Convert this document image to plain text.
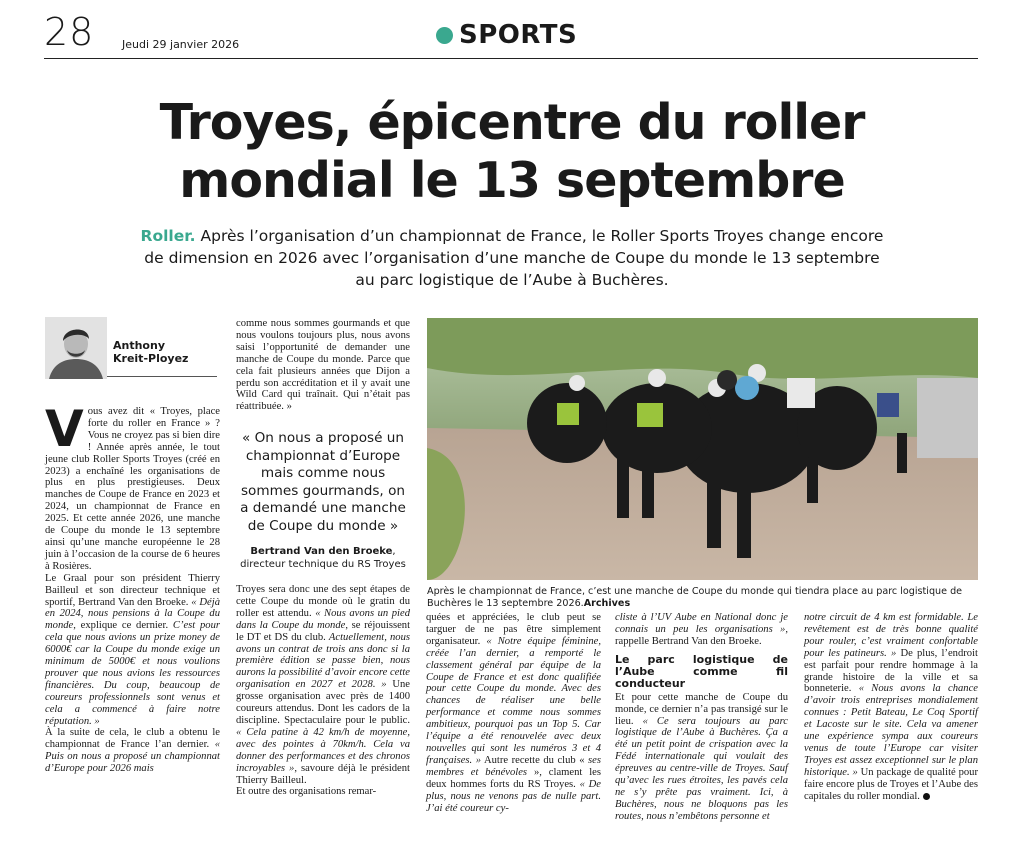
28	Jeudi 29 janvier 2026	SPORTS
Troyes, épicentre du roller
mondial le 13 septembre
Roller. Après l’organisation d’un championnat de France, le Roller Sports Troyes change encore de dimension en 2026 avec l’organisation d’une manche de Coupe du monde le 13 septembre au parc logistique de l’Aube à Buchères.
Anthony
Kreit-Ployez

Vous avez dit « Troyes, place forte du roller en France » ? Vous ne croyez pas si bien dire ! Année après année, le tout jeune club Roller Sports Troyes (créé en 2023) a enchaîné les organisations de plus en plus prestigieuses. Deux manches de Coupe de France en 2023 et 2024, un championnat de France en 2025. Et cette année 2026, une manche de Coupe du monde le 13 septembre ainsi qu’une manche européenne le 28 juin à l’occasion de la course de 6 heures à Rosières.

Le Graal pour son président Thierry Bailleul et son directeur technique et sportif, Bertrand Van den Broeke. « Déjà en 2024, nous pensions à la Coupe du monde, explique ce dernier. C’est pour cela que nous avions un prize money de 6000€ car la Coupe du monde exige un minimum de 5000€ et nous voulions prouver que nous avions les ressources financières. Du coup, beaucoup de coureurs professionnels sont venus et cela a commencé à faire notre réputation. »

À la suite de cela, le club a obtenu le championnat de France l’an dernier. « Puis on nous a proposé un championnat d’Europe pour 2026 mais

comme nous sommes gourmands et que nous voulons toujours plus, nous avons saisi l’opportunité de demander une manche de Coupe du monde. Parce que cela fait plusieurs années que Dijon a perdu son accréditation et il y avait une Wild Card qui traînait. Qui n’était pas réattribuée. »

« On nous a proposé un championnat d’Europe mais comme nous sommes gourmands, on a demandé une manche de Coupe du monde »
Bertrand Van den Broeke, directeur technique du RS Troyes

Troyes sera donc une des sept étapes de cette Coupe du monde où le gratin du roller est attendu. « Nous avons un pied dans la Coupe du monde, se réjouissent le DT et DS du club. Actuellement, nous avons un contrat de trois ans donc si la première édition se passe bien, nous aurons la possibilité d’avoir encore cette organisation en 2027 et 2028. » Une grosse organisation avec près de 1400 coureurs attendus. Dont les cadors de la discipline. Spectaculaire pour le public. « Cela patine à 42 km/h de moyenne, avec des pointes à 70km/h. Cela va donner des performances et des chronos incroyables », savoure déjà le président Thierry Bailleul.

Et outre des organisations remar-

Après le championnat de France, c’est une manche de Coupe du monde qui tiendra place au parc logistique de Buchères le 13 septembre 2026.Archives

quées et appréciées, le club peut se targuer de ne pas être simplement organisateur. « Notre équipe féminine, créée l’an dernier, a remporté le classement général par équipe de la Coupe de France et est donc qualifiée pour cette Coupe du monde. Avec des chances de réaliser une belle performance et comme nous sommes ambitieux, pourquoi pas un Top 5. Car l’équipe a été renouvelée avec deux nouvelles qui sont les numéros 3 et 4 françaises. » Autre recette du club « ses membres et bénévoles », clament les deux hommes forts du RS Troyes. « De plus, nous ne venons pas de nulle part. J’ai été coureur cy-

cliste à l’UV Aube en National donc je connais un peu les organisations », rappelle Bertrand Van den Broeke.

Le parc logistique de l’Aube comme fil conducteur

Et pour cette manche de Coupe du monde, ce dernier n’a pas transigé sur le lieu. « Ce sera toujours au parc logistique de l’Aube à Buchères. Ça a été un petit point de crispation avec la Fédé internationale qui voulait des épreuves au centre-ville de Troyes. Sauf qu’avec les rues étroites, les pavés cela ne s’y prête pas vraiment. Ici, à Buchères, nous ne bloquons pas les routes, nous n’embêtons personne et

notre circuit de 4 km est formidable. Le revêtement est de très bonne qualité pour rouler, c’est vraiment confortable pour les patineurs. » De plus, l’endroit est parfait pour rendre hommage à la grande histoire de la ville et sa bonneterie. « Nous avons la chance d’avoir trois entreprises mondialement connues : Petit Bateau, Le Coq Sportif et Lacoste sur le site. Cela va amener une expérience sympa aux coureurs venus de toute l’Europe car visiter Troyes est assez exceptionnel sur le plan historique. » Un package de qualité pour faire encore plus de Troyes et l’Aube des capitales du roller mondial.
